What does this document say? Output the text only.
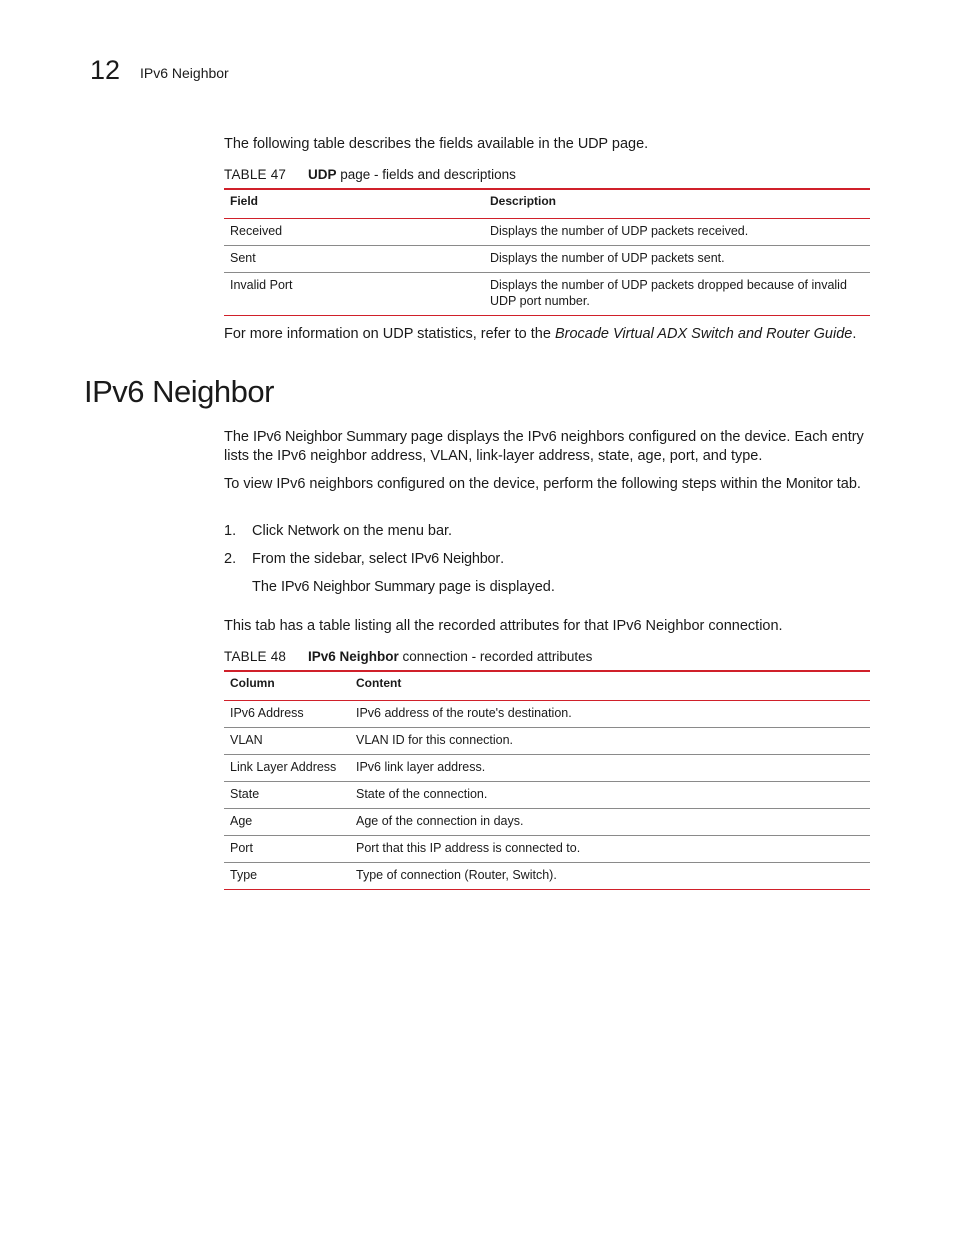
12 IPv6 Neighbor
The following table describes the fields available in the UDP page.
TABLE 47 UDP page - fields and descriptions
Field	Description
Received	Displays the number of UDP packets received.
Sent	Displays the number of UDP packets sent.
Invalid Port	Displays the number of UDP packets dropped because of invalid UDP port number.
For more information on UDP statistics, refer to the Brocade Virtual ADX Switch and Router Guide.
IPv6 Neighbor
The IPv6 Neighbor Summary page displays the IPv6 neighbors configured on the device. Each entry lists the IPv6 neighbor address, VLAN, link-layer address, state, age, port, and type.
To view IPv6 neighbors configured on the device, perform the following steps within the Monitor tab.
1. Click Network on the menu bar.
2. From the sidebar, select IPv6 Neighbor.
The IPv6 Neighbor Summary page is displayed.
This tab has a table listing all the recorded attributes for that IPv6 Neighbor connection.
TABLE 48 IPv6 Neighbor connection - recorded attributes
Column	Content
IPv6 Address	IPv6 address of the route's destination.
VLAN	VLAN ID for this connection.
Link Layer Address	IPv6 link layer address.
State	State of the connection.
Age	Age of the connection in days.
Port	Port that this IP address is connected to.
Type	Type of connection (Router, Switch).
